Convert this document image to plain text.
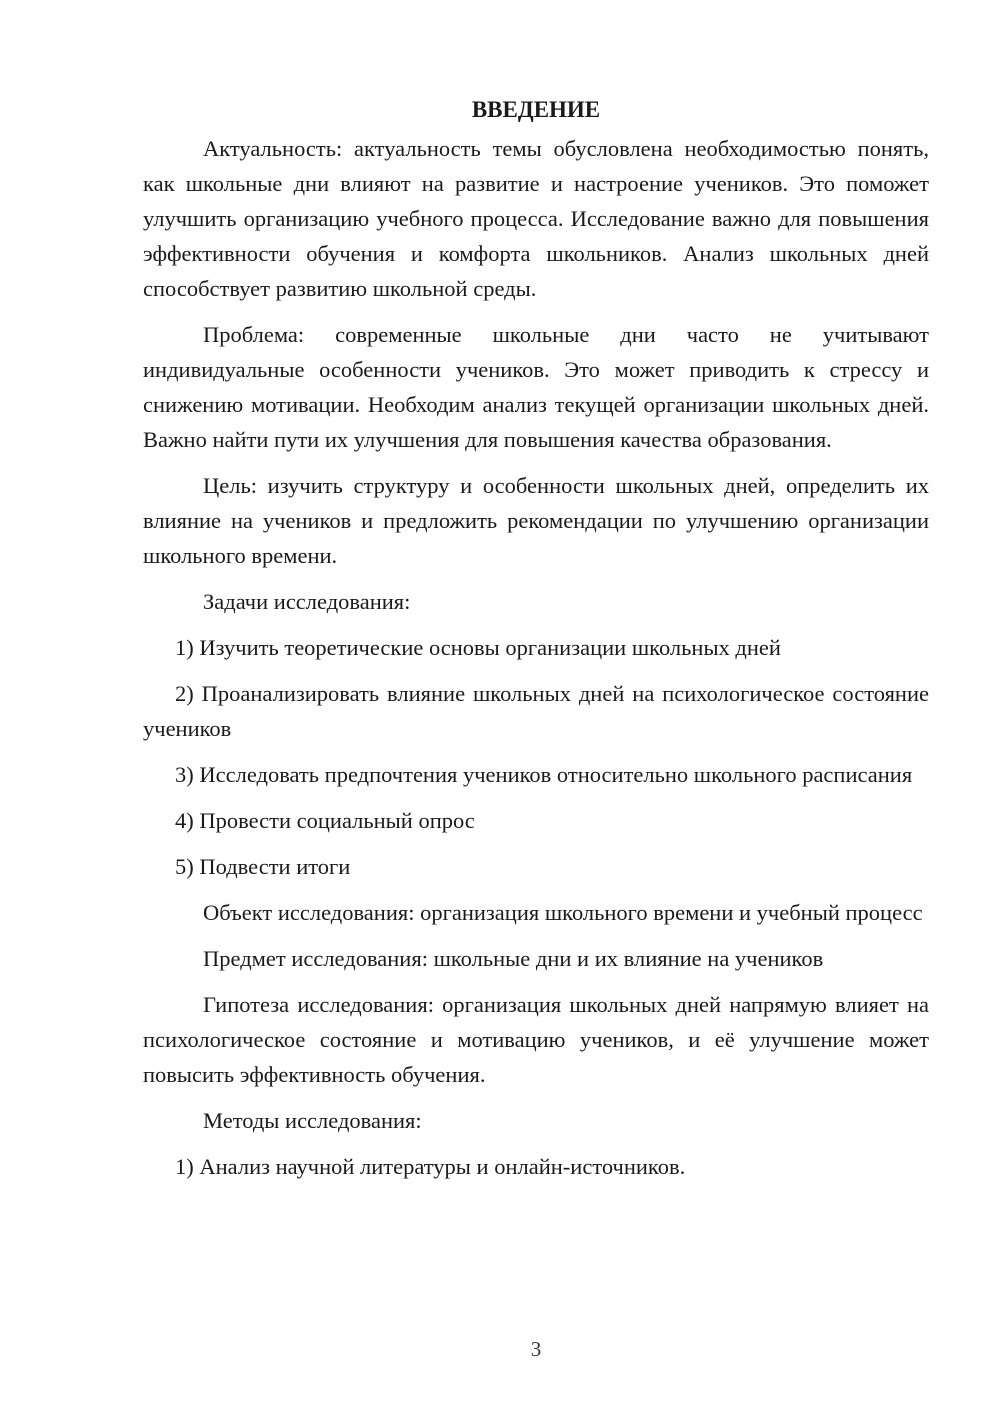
ВВЕДЕНИЕ

Актуальность: актуальность темы обусловлена необходимостью понять, как школьные дни влияют на развитие и настроение учеников. Это поможет улучшить организацию учебного процесса. Исследование важно для повышения эффективности обучения и комфорта школьников. Анализ школьных дней способствует развитию школьной среды.

Проблема: современные школьные дни часто не учитывают индивидуальные особенности учеников. Это может приводить к стрессу и снижению мотивации. Необходим анализ текущей организации школьных дней. Важно найти пути их улучшения для повышения качества образования.

Цель: изучить структуру и особенности школьных дней, определить их влияние на учеников и предложить рекомендации по улучшению организации школьного времени.

Задачи исследования:

1) Изучить теоретические основы организации школьных дней

2) Проанализировать влияние школьных дней на психологическое состояние учеников

3) Исследовать предпочтения учеников относительно школьного расписания

4) Провести социальный опрос

5) Подвести итоги

Объект исследования: организация школьного времени и учебный процесс

Предмет исследования: школьные дни и их влияние на учеников

Гипотеза исследования: организация школьных дней напрямую влияет на психологическое состояние и мотивацию учеников, и её улучшение может повысить эффективность обучения.

Методы исследования:

1) Анализ научной литературы и онлайн-источников.

3
